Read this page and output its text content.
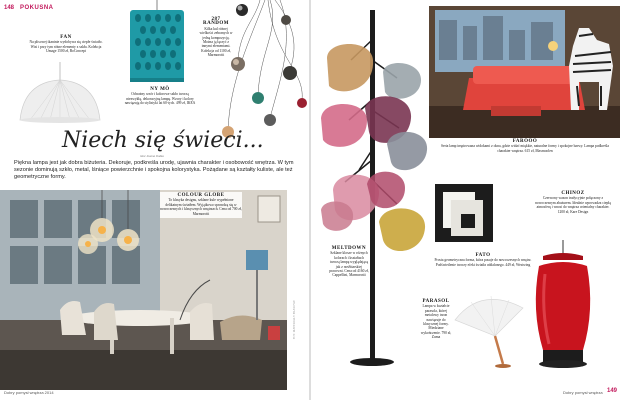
148 POKUSNA
FAN
Na plisowej tkaninie wydobywa się ciepłe światło. Wisi i przy tym różne elementy z szkła. Kolekcja Umage 1500 zł, BoConcept
NY MÖ
Odważny wzór i kolorowe szkło tworzą niezwykłą, dekoracyjną lampę. Wzory i kolory nawiązują do stylistyki lat 60-tych. 499 zł, IKEA
287 RANDOM
Kilka kul różnej wielkości zebranych w jedną kompozycję. Można ją łączyć z innymi elementami. Kolekcja od 1100 zł, Marmorotti
Niech się świeci...
tekst Joanna Dudka
Piękna lampa jest jak dobra biżuteria. Dekoruje, podkreśla urodę, ujawnia charakter i osobowość wnętrza. W tym sezonie dominują szkło, metal, lśniące powierzchnie i spokojna kolorystyka. Pożądane są kształty kuliste, ale też geometryczne formy.
COLOUR GLOBE
To klasyka designu, szklane kule wypełnione delikatnym światłem. Wyjątkowo sprawdzą się w nowoczesnych i klasycznych wnętrzach. Cena od 700 zł, Marmorotti
FOT. MATERIAŁY PRASOWE
Dobry pomysł wnętrza 2014
MELTDOWN
Szklane klosze w różnych kolorach i kształtach tworzą lampę wyglądającą jak z rzeźbiarskiej pracowni. Cena od 4160 zł, Cappellini, Marmorotti
FAROOO
Seria lamp inspirowana widokami z okna, gdzie widać miękkie, naturalne formy i spokojne barwy. Lampa podkreśla charakter wnętrza. 615 zł, Maxmoolen
FATO
Prosta geometryczna forma, która pasuje do nowoczesnych wnętrz. Podświetlenie tworzy efekt światła oddalonego. 449 zł, Westwing
CHINOZ
Czerwony wazon tradycyjnie połączony z nowoczesnym abażurem. Idealnie wprowadza ciepłą atmosferę i wnosi do wnętrza orientalny charakter. 1200 zł, Kare Design
PARASOL
Lampa w kształcie parasola, której metalowy trzon nawiązuje do klasycznej formy. Miedziane wykończenie. 790 zł, Zuma
Dobry pomysł wnętrza 149
